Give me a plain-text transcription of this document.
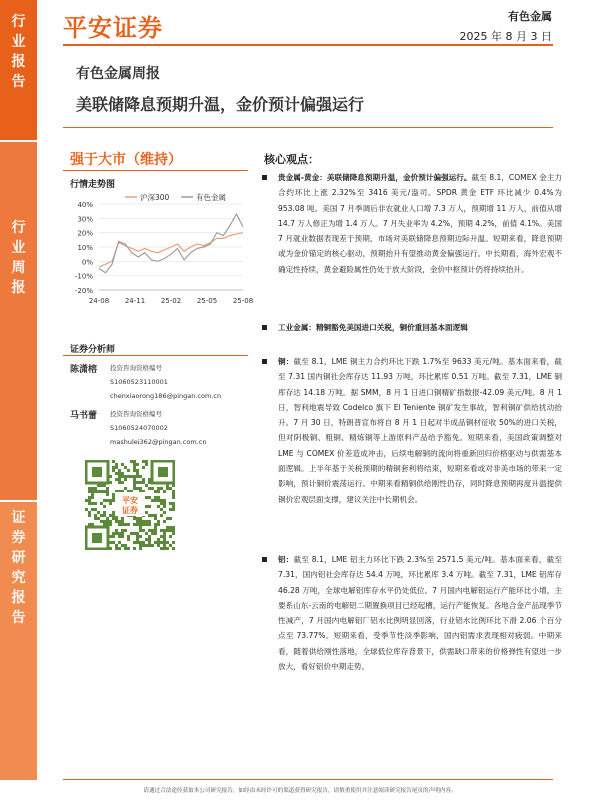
行
业
报
告
行
业
周
报
证
券
研
究
报
告
平安证券	有色金属
2025 年 8 月 3 日
有色金属周报
美联储降息预期升温，金价预计偏强运行
强于大市（维持）
行情走势图
40%
30%
20%
10%
0%
-10%
-20%
24-08 24-11 25-02 25-05 25-08
沪深300	有色金属
证券分析师
陈潇榕 投资咨询资格编号
S1060523110001
chenxiaorong186@pingan.com.cn
马书蕾 投资咨询资格编号
S1060524070002
mashulei362@pingan.com.cn
平安
证券
核心观点：
贵金属-黄金：美联储降息预期升温，金价预计偏强运行。截至 8.1，COMEX 金主力合约环比上涨 2.32%至 3416 美元/盎司。SPDR 黄金 ETF 环比减少 0.4%为 953.08 吨。美国 7 月季调后非农就业人口增 7.3 万人，预期增 11 万人，前值从增 14.7 万人修正为增 1.4 万人。7 月失业率为 4.2%，预期 4.2%，前值 4.1%。美国 7 月就业数据表现差于预期，市场对美联储降息预期边际升温。短期来看，降息预期或为金价锚定的核心驱动，预期抬升有望推动黄金偏强运行。中长期看，海外宏观不确定性持续，黄金避险属性仍处于放大阶段，金价中枢预计仍将持续抬升。
工业金属：精铜豁免美国进口关税，铜价重回基本面逻辑
铜：截至 8.1，LME 铜主力合约环比下跌 1.7%至 9633 美元/吨。基本面来看，截至 7.31 国内铜社会库存达 11.93 万吨，环比累库 0.51 万吨。截至 7.31，LME 铜库存达 14.18 万吨。据 SMM，8 月 1 日进口铜精矿指数报-42.09 美元/吨。8 月 1 日，智利地震导致 Codelco 旗下 El Teniente 铜矿发生事故，智利铜矿供给扰动抬升。7 月 30 日，特朗普宣布将自 8 月 1 日起对半成品铜材征收 50%的进口关税，但对阴极铜、粗铜、精炼铜等上游原料产品给予豁免。短期来看，美国政策调整对 LME 与 COMEX 价差造成冲击，后续电解铜的流向将重新回归价格驱动与供需基本面逻辑。上半年基于关税预期的精铜套利将结束，短期来看或对非美市场的带来一定影响，预计铜价震荡运行。中期来看精铜供给刚性仍存，同时降息预期再度升温提供铜价宏观层面支撑，建议关注中长期机会。
铝：截至 8.1，LME 铝主力环比下跌 2.3%至 2571.5 美元/吨。基本面来看，截至 7.31，国内铝社会库存达 54.4 万吨，环比累库 3.4 万吨。截至 7.31，LME 铝库存 46.28 万吨，全球电解铝库存水平仍处低位。7 月国内电解铝运行产能环比小增，主要系山东-云南的电解铝二期置换项目已经起槽，运行产能恢复。各地合金产品现季节性减产，7 月国内电解铝厂铝水比例明显回落，行业铝水比例环比下滑 2.06 个百分点至 73.77%。短期来看，受季节性淡季影响，国内铝需求表现相对疲弱。中期来看，随着供给刚性落地，全球低位库存背景下，供需缺口带来的价格弹性有望进一步放大，看好铝价中期走势。
请通过合法途径获取本公司研究报告，如经由未经许可的渠道获得研究报告，请慎重使用并注意阅读研究报告尾页的声明内容。
